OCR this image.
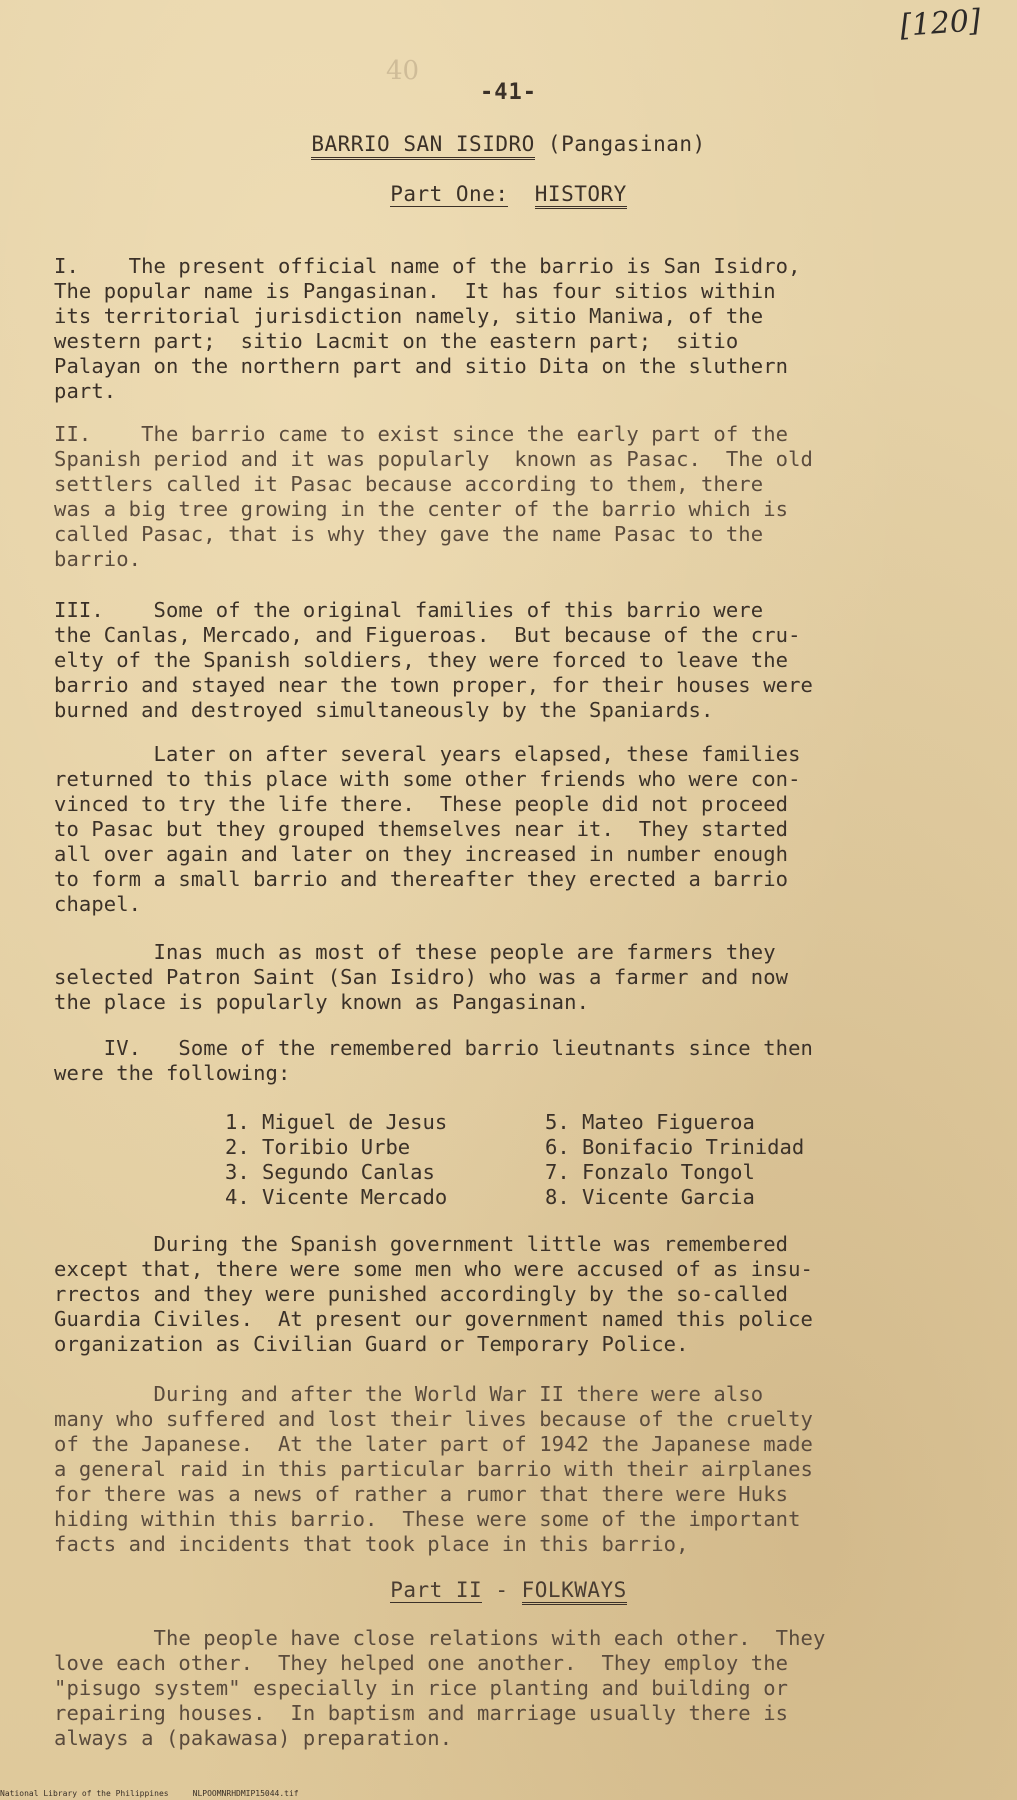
[120]
40
-41-
BARRIO SAN ISIDRO (Pangasinan)
Part One: HISTORY
I.    The present official name of the barrio is San Isidro,
The popular name is Pangasinan.  It has four sitios within
its territorial jurisdiction namely, sitio Maniwa, of the
western part;  sitio Lacmit on the eastern part;  sitio
Palayan on the northern part and sitio Dita on the sluthern
part.
II.    The barrio came to exist since the early part of the
Spanish period and it was popularly  known as Pasac.  The old
settlers called it Pasac because according to them, there
was a big tree growing in the center of the barrio which is
called Pasac, that is why they gave the name Pasac to the
barrio.
III.    Some of the original families of this barrio were
the Canlas, Mercado, and Figueroas.  But because of the cru-
elty of the Spanish soldiers, they were forced to leave the
barrio and stayed near the town proper, for their houses were
burned and destroyed simultaneously by the Spaniards.
Later on after several years elapsed, these families
returned to this place with some other friends who were con-
vinced to try the life there.  These people did not proceed
to Pasac but they grouped themselves near it.  They started
all over again and later on they increased in number enough
to form a small barrio and thereafter they erected a barrio
chapel.
Inas much as most of these people are farmers they
selected Patron Saint (San Isidro) who was a farmer and now
the place is popularly known as Pangasinan.
IV.   Some of the remembered barrio lieutnants since then
were the following:
1. Miguel de Jesus
2. Toribio Urbe
3. Segundo Canlas
4. Vicente Mercado
5. Mateo Figueroa
6. Bonifacio Trinidad
7. Fonzalo Tongol
8. Vicente Garcia
During the Spanish government little was remembered
except that, there were some men who were accused of as insu-
rrectos and they were punished accordingly by the so-called
Guardia Civiles.  At present our government named this police
organization as Civilian Guard or Temporary Police.
During and after the World War II there were also
many who suffered and lost their lives because of the cruelty
of the Japanese.  At the later part of 1942 the Japanese made
a general raid in this particular barrio with their airplanes
for there was a news of rather a rumor that there were Huks
hiding within this barrio.  These were some of the important
facts and incidents that took place in this barrio,
Part II - FOLKWAYS
The people have close relations with each other.  They
love each other.  They helped one another.  They employ the
"pisugo system" especially in rice planting and building or
repairing houses.  In baptism and marriage usually there is
always a (pakawasa) preparation.
National Library of the Philippines     NLPOOMNRHDMIP15044.tif
